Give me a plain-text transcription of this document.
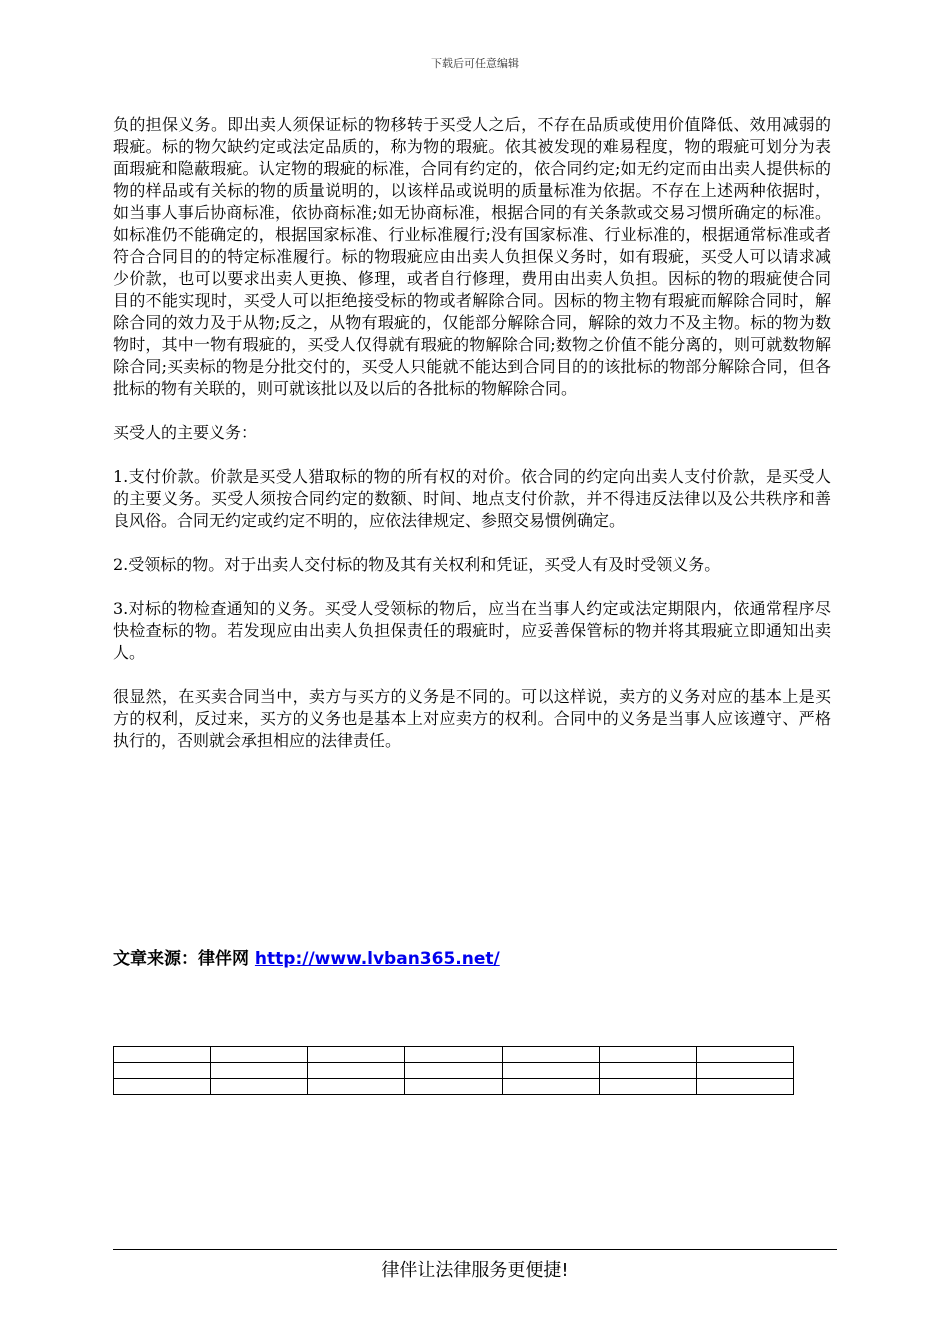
下载后可任意编辑

负的担保义务。即出卖人须保证标的物移转于买受人之后，不存在品质或使用价值降低、效用减弱的瑕疵。标的物欠缺约定或法定品质的，称为物的瑕疵。依其被发现的难易程度，物的瑕疵可划分为表面瑕疵和隐蔽瑕疵。认定物的瑕疵的标准，合同有约定的，依合同约定;如无约定而由出卖人提供标的物的样品或有关标的物的质量说明的，以该样品或说明的质量标准为依据。不存在上述两种依据时，如当事人事后协商标准，依协商标准;如无协商标准，根据合同的有关条款或交易习惯所确定的标准。如标准仍不能确定的，根据国家标准、行业标准履行;没有国家标准、行业标准的，根据通常标准或者符合合同目的的特定标准履行。标的物瑕疵应由出卖人负担保义务时，如有瑕疵，买受人可以请求减少价款，也可以要求出卖人更换、修理，或者自行修理，费用由出卖人负担。因标的物的瑕疵使合同目的不能实现时，买受人可以拒绝接受标的物或者解除合同。因标的物主物有瑕疵而解除合同时，解除合同的效力及于从物;反之，从物有瑕疵的，仅能部分解除合同，解除的效力不及主物。标的物为数物时，其中一物有瑕疵的，买受人仅得就有瑕疵的物解除合同;数物之价值不能分离的，则可就数物解除合同;买卖标的物是分批交付的，买受人只能就不能达到合同目的的该批标的物部分解除合同，但各批标的物有关联的，则可就该批以及以后的各批标的物解除合同。

买受人的主要义务：

1.支付价款。价款是买受人猎取标的物的所有权的对价。依合同的约定向出卖人支付价款，是买受人的主要义务。买受人须按合同约定的数额、时间、地点支付价款，并不得违反法律以及公共秩序和善良风俗。合同无约定或约定不明的，应依法律规定、参照交易惯例确定。

2.受领标的物。对于出卖人交付标的物及其有关权利和凭证，买受人有及时受领义务。

3.对标的物检查通知的义务。买受人受领标的物后，应当在当事人约定或法定期限内，依通常程序尽快检查标的物。若发现应由出卖人负担保责任的瑕疵时，应妥善保管标的物并将其瑕疵立即通知出卖人。

很显然，在买卖合同当中，卖方与买方的义务是不同的。可以这样说，卖方的义务对应的基本上是买方的权利，反过来，买方的义务也是基本上对应卖方的权利。合同中的义务是当事人应该遵守、严格执行的，否则就会承担相应的法律责任。

文章来源：律伴网 http://www.lvban365.net/

律伴让法律服务更便捷!
